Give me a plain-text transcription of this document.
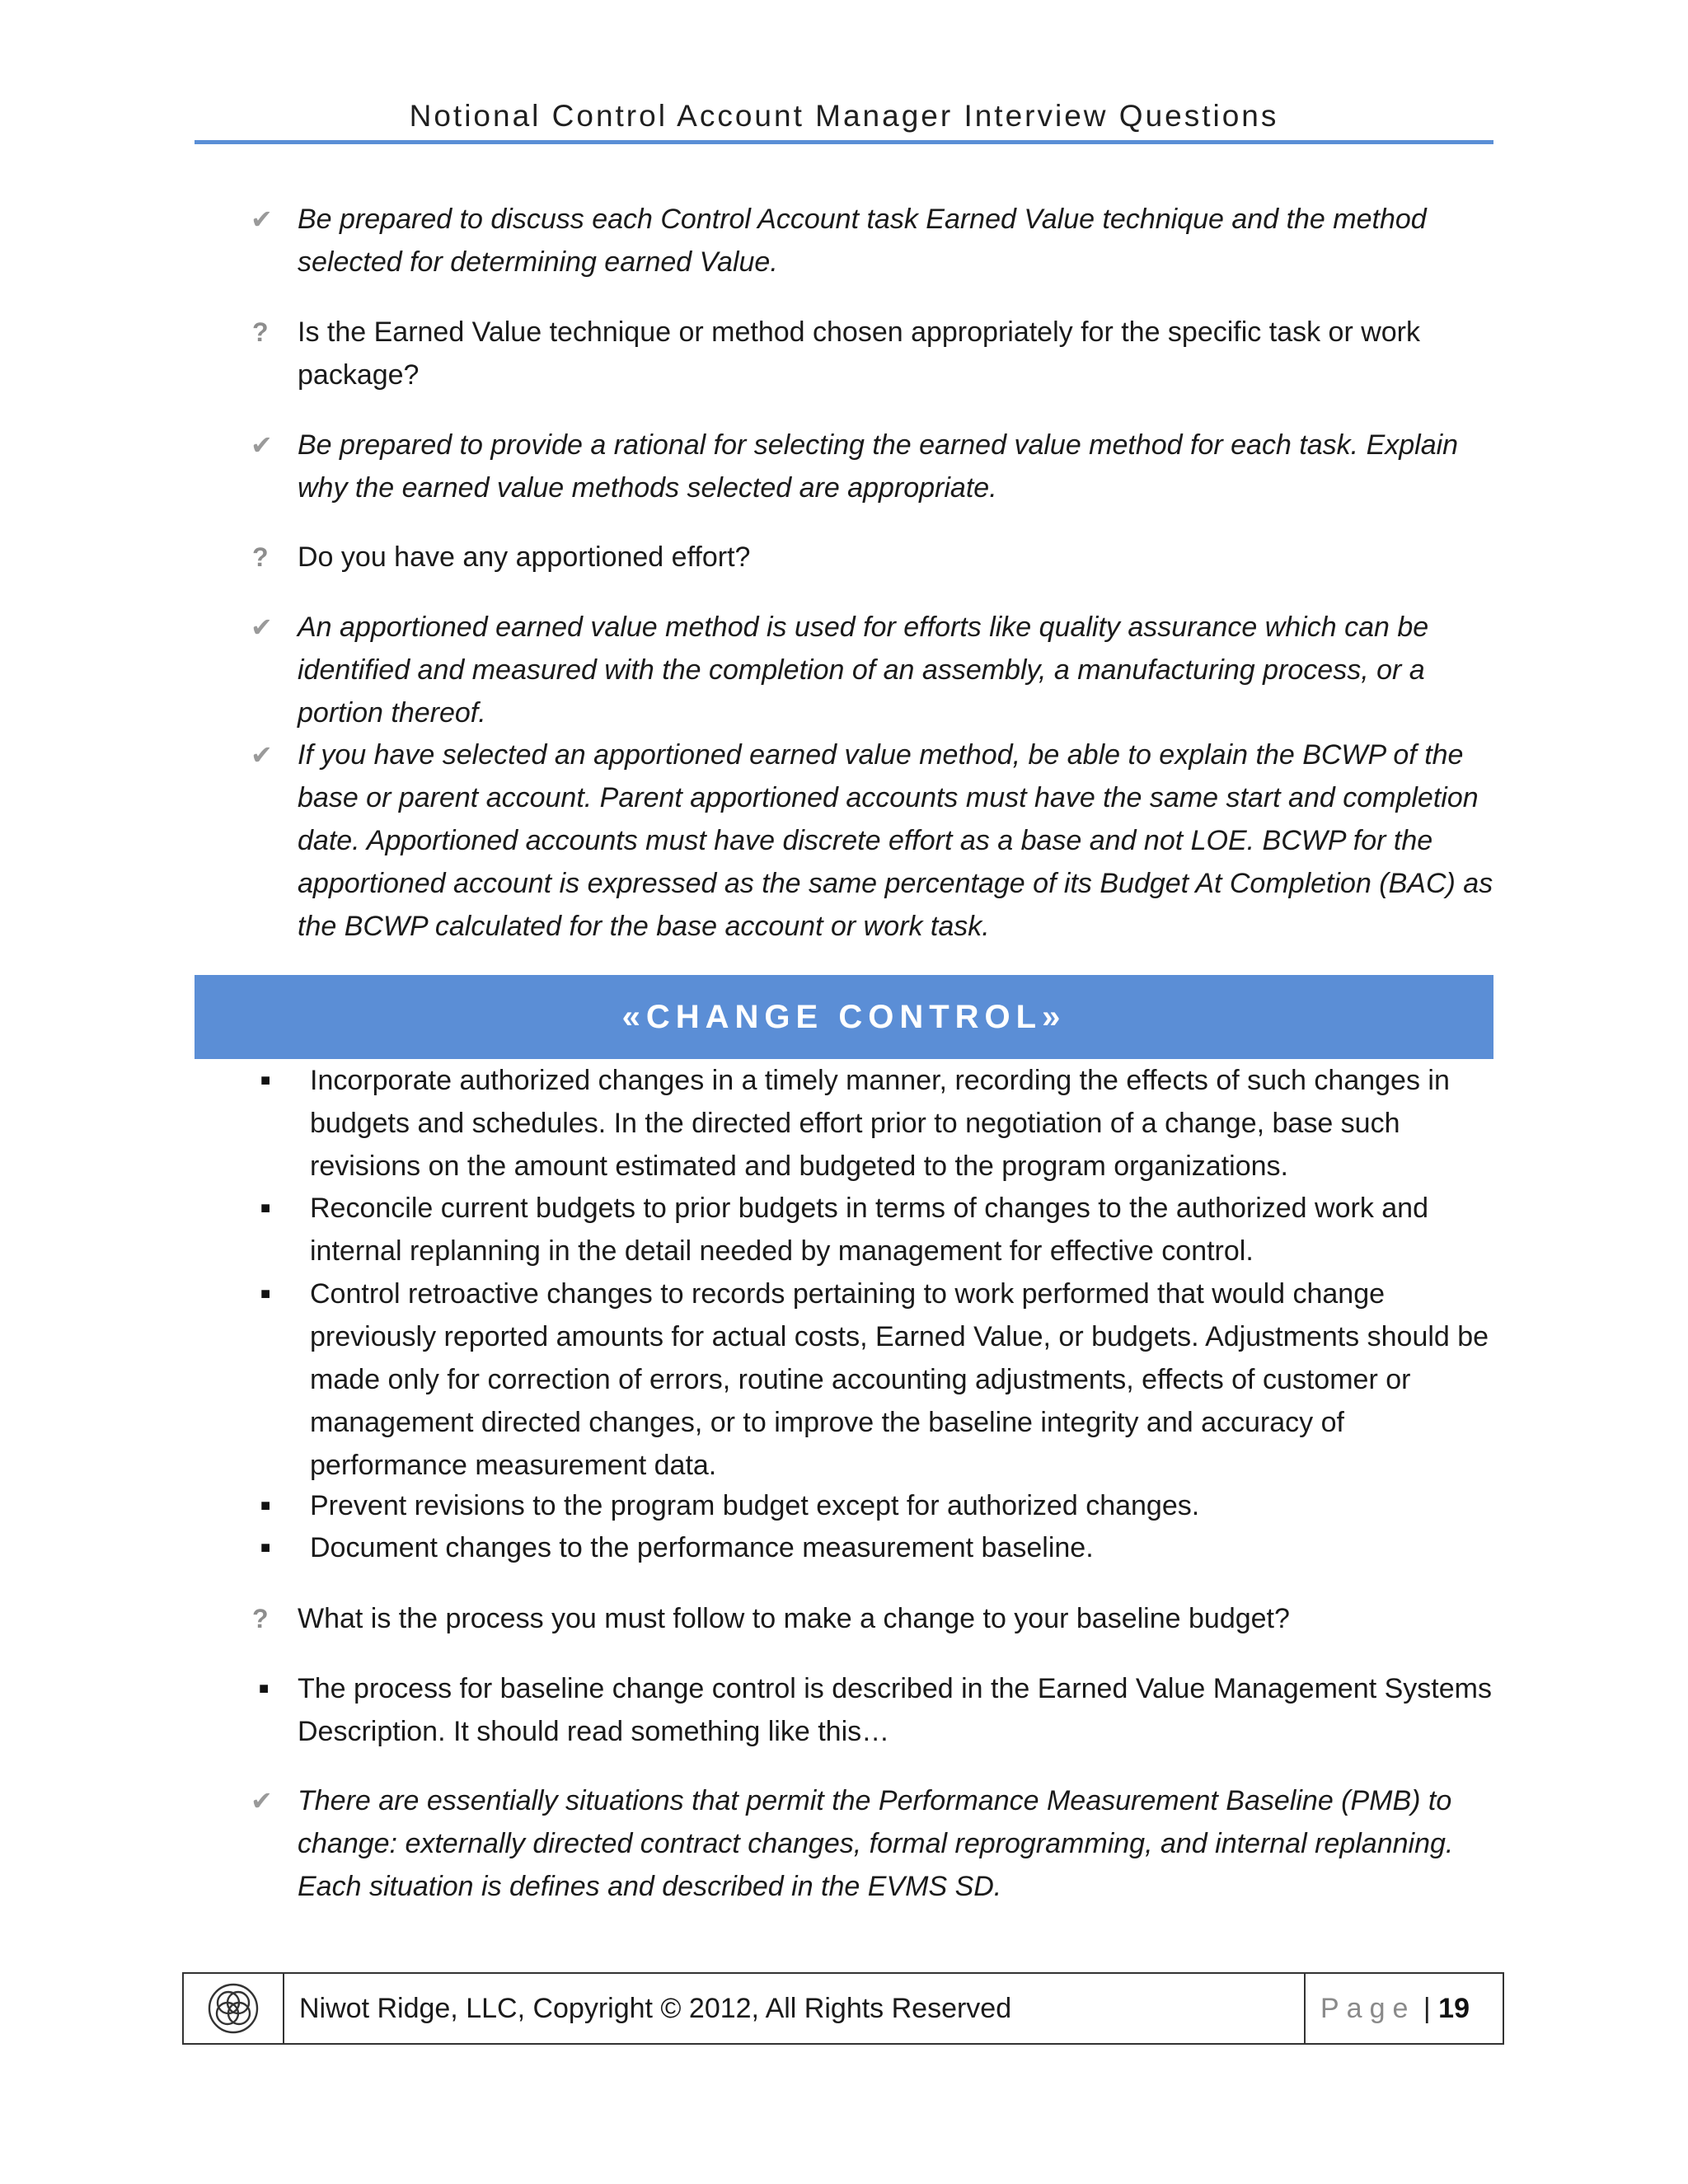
Notional Control Account Manager Interview Questions
✔ Be prepared to discuss each Control Account task Earned Value technique and the method selected for determining earned Value.
? Is the Earned Value technique or method chosen appropriately for the specific task or work package?
✔ Be prepared to provide a rational for selecting the earned value method for each task. Explain why the earned value methods selected are appropriate.
? Do you have any apportioned effort?
✔ An apportioned earned value method is used for efforts like quality assurance which can be identified and measured with the completion of an assembly, a manufacturing process, or a portion thereof.
✔ If you have selected an apportioned earned value method, be able to explain the BCWP of the base or parent account. Parent apportioned accounts must have the same start and completion date. Apportioned accounts must have discrete effort as a base and not LOE. BCWP for the apportioned account is expressed as the same percentage of its Budget At Completion (BAC) as the BCWP calculated for the base account or work task.
«CHANGE CONTROL»
■ Incorporate authorized changes in a timely manner, recording the effects of such changes in budgets and schedules. In the directed effort prior to negotiation of a change, base such revisions on the amount estimated and budgeted to the program organizations.
■ Reconcile current budgets to prior budgets in terms of changes to the authorized work and internal replanning in the detail needed by management for effective control.
■ Control retroactive changes to records pertaining to work performed that would change previously reported amounts for actual costs, Earned Value, or budgets. Adjustments should be made only for correction of errors, routine accounting adjustments, effects of customer or management directed changes, or to improve the baseline integrity and accuracy of performance measurement data.
■ Prevent revisions to the program budget except for authorized changes.
■ Document changes to the performance measurement baseline.
? What is the process you must follow to make a change to your baseline budget?
■ The process for baseline change control is described in the Earned Value Management Systems Description. It should read something like this…
✔ There are essentially situations that permit the Performance Measurement Baseline (PMB) to change: externally directed contract changes, formal reprogramming, and internal replanning. Each situation is defines and described in the EVMS SD.
Niwot Ridge, LLC, Copyright © 2012, All Rights Reserved	Page | 19
